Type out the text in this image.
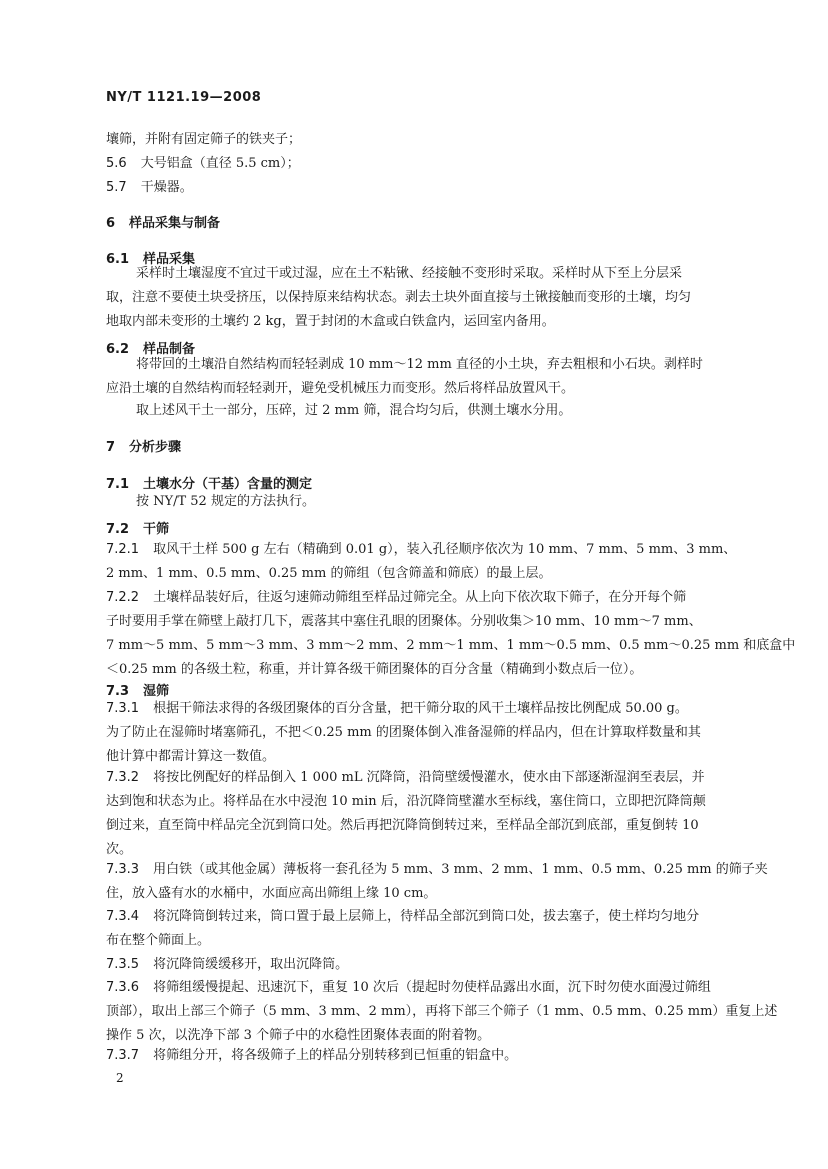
NY/T 1121.19—2008
壤筛，并附有固定筛子的铁夹子；
5.6 大号铝盒（直径 5.5 cm）；
5.7 干燥器。
6 样品采集与制备
6.1 样品采集
采样时土壤湿度不宜过干或过湿，应在土不粘锹、经接触不变形时采取。采样时从下至上分层采
取，注意不要使土块受挤压，以保持原来结构状态。剥去土块外面直接与土锹接触而变形的土壤，均匀
地取内部未变形的土壤约 2 kg，置于封闭的木盒或白铁盒内，运回室内备用。
6.2 样品制备
将带回的土壤沿自然结构而轻轻剥成 10 mm～12 mm 直径的小土块，弃去粗根和小石块。剥样时
应沿土壤的自然结构而轻轻剥开，避免受机械压力而变形。然后将样品放置风干。
取上述风干土一部分，压碎，过 2 mm 筛，混合均匀后，供测土壤水分用。
7 分析步骤
7.1 土壤水分（干基）含量的测定
按 NY/T 52 规定的方法执行。
7.2 干筛
7.2.1 取风干土样 500 g 左右（精确到 0.01 g），装入孔径顺序依次为 10 mm、7 mm、5 mm、3 mm、
2 mm、1 mm、0.5 mm、0.25 mm 的筛组（包含筛盖和筛底）的最上层。
7.2.2 土壤样品装好后，往返匀速筛动筛组至样品过筛完全。从上向下依次取下筛子，在分开每个筛
子时要用手掌在筛壁上敲打几下，震落其中塞住孔眼的团聚体。分别收集＞10 mm、10 mm～7 mm、
7 mm～5 mm、5 mm～3 mm、3 mm～2 mm、2 mm～1 mm、1 mm～0.5 mm、0.5 mm～0.25 mm 和底盒中
＜0.25 mm 的各级土粒，称重，并计算各级干筛团聚体的百分含量（精确到小数点后一位）。
7.3 湿筛
7.3.1 根据干筛法求得的各级团聚体的百分含量，把干筛分取的风干土壤样品按比例配成 50.00 g。
为了防止在湿筛时堵塞筛孔，不把＜0.25 mm 的团聚体倒入准备湿筛的样品内，但在计算取样数量和其
他计算中都需计算这一数值。
7.3.2 将按比例配好的样品倒入 1 000 mL 沉降筒，沿筒壁缓慢灌水，使水由下部逐渐湿润至表层，并
达到饱和状态为止。将样品在水中浸泡 10 min 后，沿沉降筒壁灌水至标线，塞住筒口，立即把沉降筒颠
倒过来，直至筒中样品完全沉到筒口处。然后再把沉降筒倒转过来，至样品全部沉到底部，重复倒转 10
次。
7.3.3 用白铁（或其他金属）薄板将一套孔径为 5 mm、3 mm、2 mm、1 mm、0.5 mm、0.25 mm 的筛子夹
住，放入盛有水的水桶中，水面应高出筛组上缘 10 cm。
7.3.4 将沉降筒倒转过来，筒口置于最上层筛上，待样品全部沉到筒口处，拔去塞子，使土样均匀地分
布在整个筛面上。
7.3.5 将沉降筒缓缓移开，取出沉降筒。
7.3.6 将筛组缓慢提起、迅速沉下，重复 10 次后（提起时勿使样品露出水面，沉下时勿使水面漫过筛组
顶部），取出上部三个筛子（5 mm、3 mm、2 mm），再将下部三个筛子（1 mm、0.5 mm、0.25 mm）重复上述
操作 5 次，以洗净下部 3 个筛子中的水稳性团聚体表面的附着物。
7.3.7 将筛组分开，将各级筛子上的样品分别转移到已恒重的铝盒中。
2
